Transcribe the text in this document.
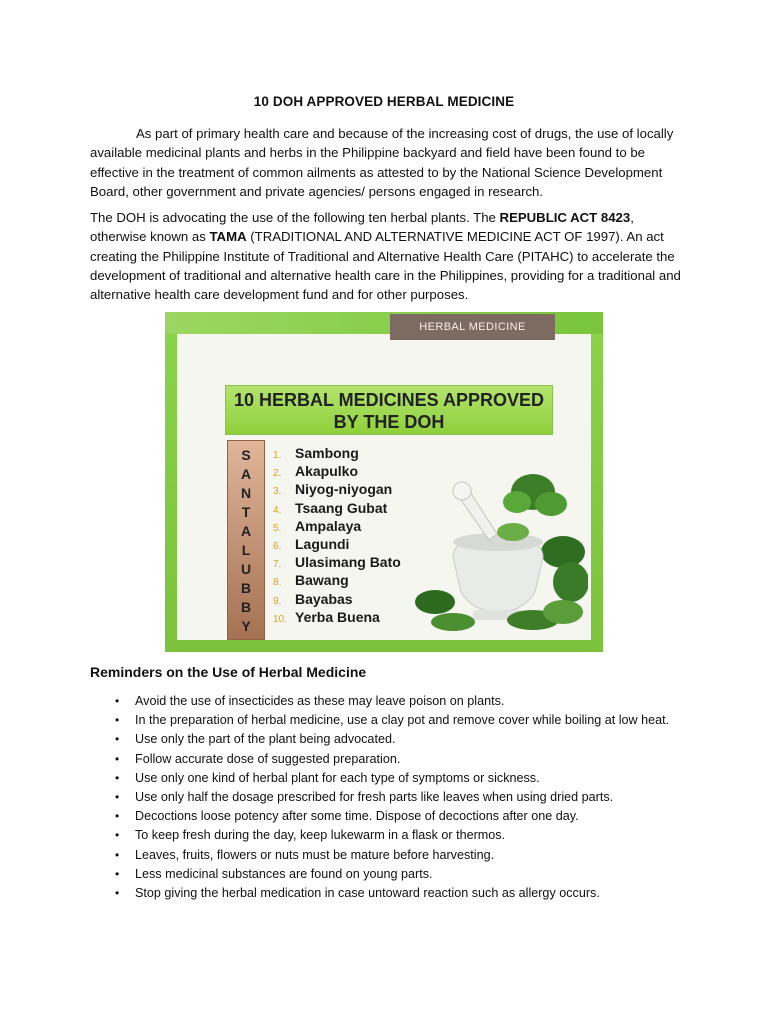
10 DOH APPROVED HERBAL MEDICINE

As part of primary health care and because of the increasing cost of drugs, the use of locally available medicinal plants and herbs in the Philippine backyard and field have been found to be effective in the treatment of common ailments as attested to by the National Science Development Board, other government and private agencies/ persons engaged in research.

The DOH is advocating the use of the following ten herbal plants. The REPUBLIC ACT 8423, otherwise known as TAMA (TRADITIONAL AND ALTERNATIVE MEDICINE ACT OF 1997). An act creating the Philippine Institute of Traditional and Alternative Health Care (PITAHC) to accelerate the development of traditional and alternative health care in the Philippines, providing for a traditional and alternative health care development fund and for other purposes.

10 HERBAL MEDICINES APPROVED
BY THE DOH
S
A
N
T
A
L
U
B
B
Y
1. Sambong
2. Akapulko
3. Niyog-niyogan
4. Tsaang Gubat
5. Ampalaya
6. Lagundi
7. Ulasimang Bato
8. Bawang
9. Bayabas
10. Yerba Buena
HERBAL MEDICINE
Reminders on the Use of Herbal Medicine
• Avoid the use of insecticides as these may leave poison on plants.
• In the preparation of herbal medicine, use a clay pot and remove cover while boiling at low heat.
• Use only the part of the plant being advocated.
• Follow accurate dose of suggested preparation.
• Use only one kind of herbal plant for each type of symptoms or sickness.
• Use only half the dosage prescribed for fresh parts like leaves when using dried parts.
• Decoctions loose potency after some time. Dispose of decoctions after one day.
• To keep fresh during the day, keep lukewarm in a flask or thermos.
• Leaves, fruits, flowers or nuts must be mature before harvesting.
• Less medicinal substances are found on young parts.
• Stop giving the herbal medication in case untoward reaction such as allergy occurs.
